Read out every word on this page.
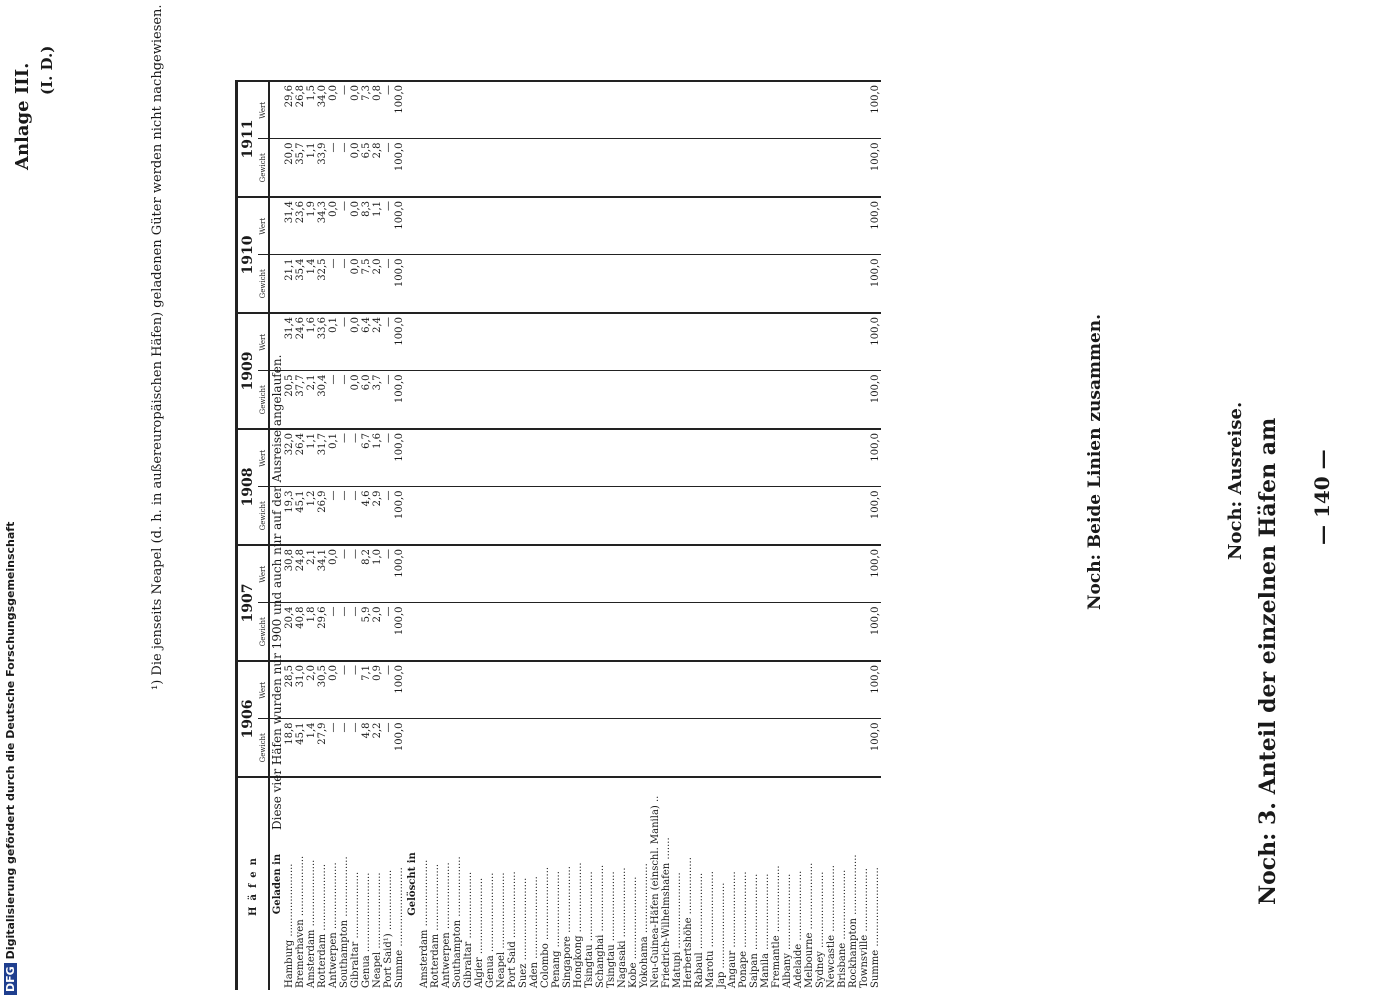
DFGDigitalisierung gefördert durch die Deutsche Forschungsgemeinschaft	Häfen	1906		1907		1908		1909		1910		1911	
	Gewicht	Wert	Gewicht	Wert	Gewicht	Wert	Gewicht	Wert	Gewicht	Wert	Gewicht	Wert
Geladen in												
Hamburg .......................	18,8	28,5	20,4	30,8	19,3	32,0	20,5	31,4	21,1	31,4	20,0	29,6
Bremerhaven ...................	45,1	31,0	40,8	24,8	45,1	26,4	37,7	24,6	35,4	23,6	35,7	26,8
Amsterdam .....................	1,4	2,0	1,8	2,1	1,2	1,1	2,1	1,6	1,4	1,9	1,1	1,5
Rotterdam .....................	27,9	30,5	29,6	34,1	26,9	31,7	30,4	33,6	32,5	34,3	33,9	34,0
Antwerpen .....................	—	0,0	—	0,0	—	0,1	—	0,1	—	0,0	—	0,0
Southampton ...................	—	—	—	—	—	—	—	—	—	—	—	—
Gibraltar .....................	—	—	—	—	—	—	0,0	0,0	0,0	0,0	0,0	0,0
Genua .........................	4,8	7,1	5,9	8,2	4,6	6,7	6,0	6,4	7,5	8,3	6,5	7,3
Neapel ........................	2,2	0,9	2,0	1,0	2,9	1,6	3,7	2,4	2,0	1,1	2,8	0,8
Port Said¹) ...................	—	—	—	—	—	—	—	—	—	—	—	—
Summe .........................	100,0	100,0	100,0	100,0	100,0	100,0	100,0	100,0	100,0	100,0	100,0	100,0
Gelöscht in												
Amsterdam .....................												
Rotterdam .....................												
Antwerpen .....................												
Southampton ...................												
Gibraltar .....................												
Algier ........................												
Genua .........................												
Neapel ........................												
Port Said .....................												
Suez ..........................												
Aden ..........................												
Colombo .......................												
Penang ........................												
Singapore .....................												
Hongkong ......................												
Tsingtau ......................												
Schanghai .....................												
Tsingtau ......................												
Nagasaki ......................												
Kobe ..........................												
Yokohama ......................												
Neu-Guinea-Häfen (einschl. Manila) ..												
Friedrich-Wilhelmshafen .......												
Matupi ........................												
Herbertshöhe ..................												
Rabaul ........................												
Marotu ........................												
Jap ...........................												
Angaur ........................												
Ponape ........................												
Saipan ........................												
Manila ........................												
Fremantle .....................												
Albany ........................												
Adelaide ......................												
Melbourne .....................												
Sydney ........................												
Newcastle .....................												
Brisbane ......................												
Rockhampton ...................												
Townsville ....................												
Summe .........................	100,0	100,0	100,0	100,0	100,0	100,0	100,0	100,0	100,0	100,0	100,0	100,0
— 140 —
Noch: 3. Anteil der einzelnen Häfen am
Noch: Ausreise.
Noch: Beide Linien zusammen.
Anlage III. (I. D.)	¹) Die jenseits Neapel (d. h. in außereuropäischen Häfen) geladenen Güter werden nicht nachgewiesen.	Diese vier Häfen wurden nur 1900 und auch nur auf der Ausreise angelaufen.
